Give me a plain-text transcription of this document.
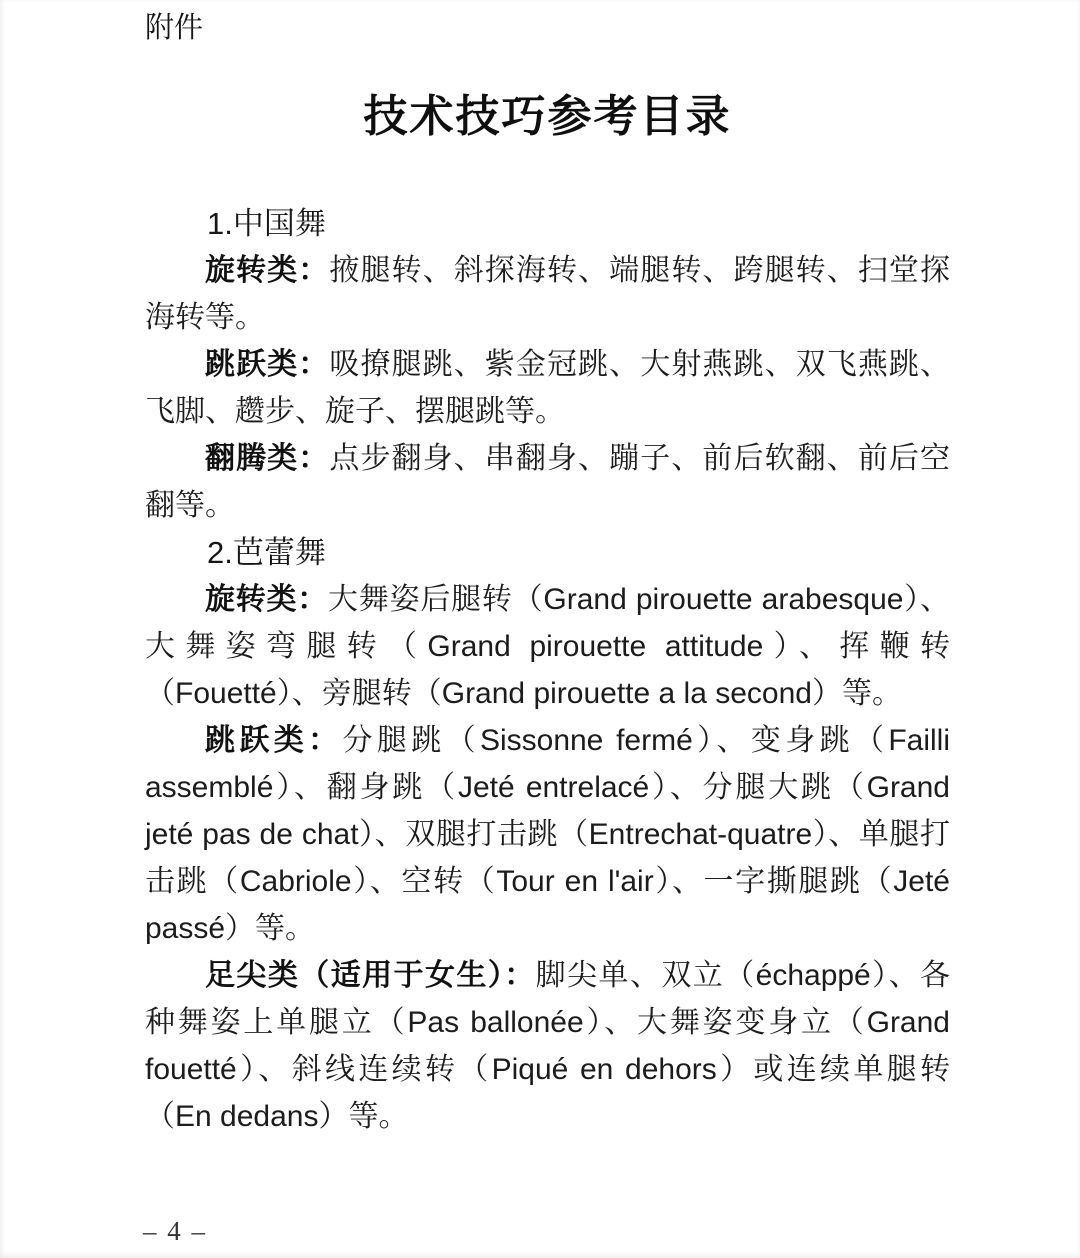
附件
技术技巧参考目录

1.中国舞

旋转类：掖腿转、斜探海转、端腿转、跨腿转、扫堂探海转等。

跳跃类：吸撩腿跳、紫金冠跳、大射燕跳、双飞燕跳、飞脚、趱步、旋子、摆腿跳等。

翻腾类：点步翻身、串翻身、蹦子、前后软翻、前后空翻等。

2.芭蕾舞

旋转类：大舞姿后腿转（Grand pirouette arabesque）、大舞姿弯腿转（Grand pirouette attitude）、挥鞭转（Fouetté）、旁腿转（Grand pirouette a la second）等。

跳跃类：分腿跳（Sissonne fermé）、变身跳（Failli assemblé）、翻身跳（Jeté entrelacé）、分腿大跳（Grand jeté pas de chat）、双腿打击跳（Entrechat-quatre）、单腿打击跳（Cabriole）、空转（Tour en l'air）、一字撕腿跳（Jeté passé）等。

足尖类（适用于女生）：脚尖单、双立（échappé）、各种舞姿上单腿立（Pas ballonée）、大舞姿变身立（Grand fouetté）、斜线连续转（Piqué en dehors）或连续单腿转（En dedans）等。

– 4 –
